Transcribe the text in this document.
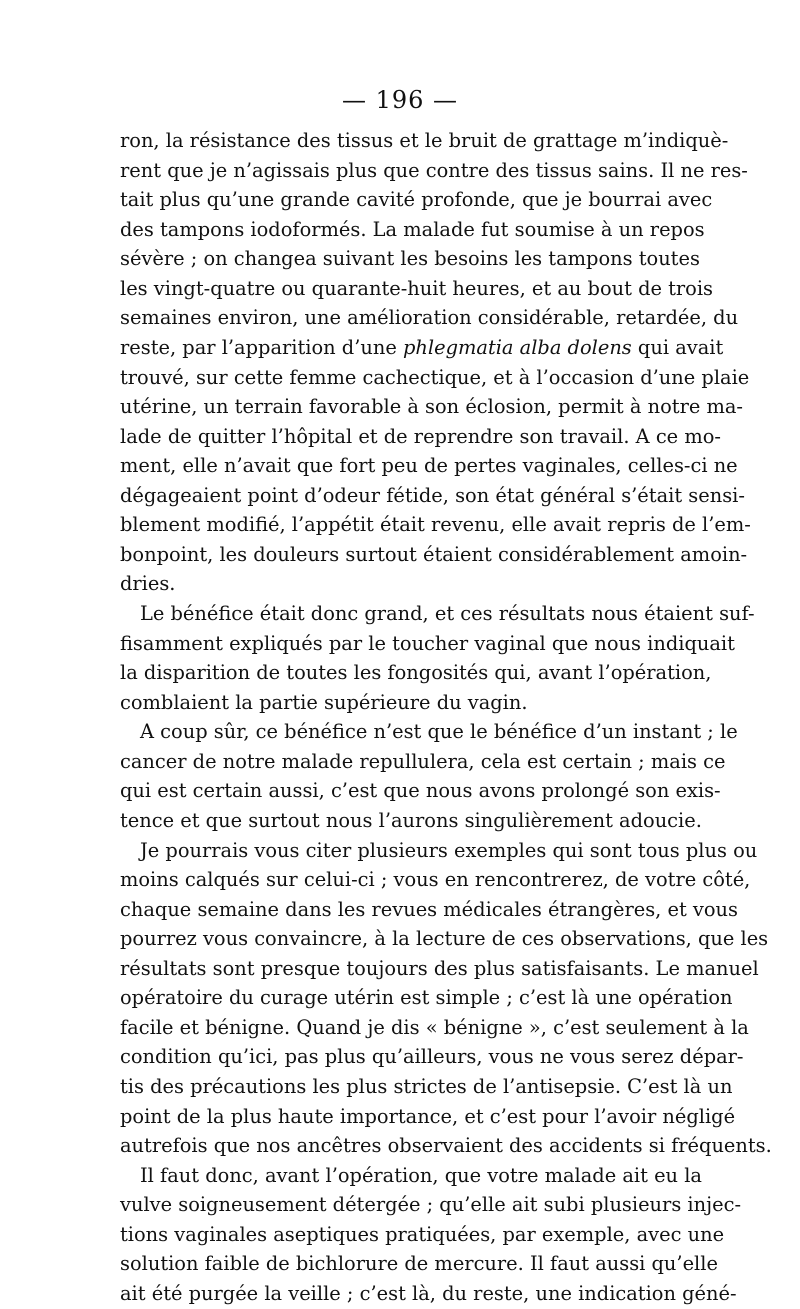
— 196 —
ron, la résistance des tissus et le bruit de grattage m’indiquè-
rent que je n’agissais plus que contre des tissus sains. Il ne res-
tait plus qu’une grande cavité profonde, que je bourrai avec
des tampons iodoformés. La malade fut soumise à un repos
sévère ; on changea suivant les besoins les tampons toutes
les vingt-quatre ou quarante-huit heures, et au bout de trois
semaines environ, une amélioration considérable, retardée, du
reste, par l’apparition d’une phlegmatia alba dolens qui avait
trouvé, sur cette femme cachectique, et à l’occasion d’une plaie
utérine, un terrain favorable à son éclosion, permit à notre ma-
lade de quitter l’hôpital et de reprendre son travail. A ce mo-
ment, elle n’avait que fort peu de pertes vaginales, celles-ci ne
dégageaient point d’odeur fétide, son état général s’était sensi-
blement modifié, l’appétit était revenu, elle avait repris de l’em-
bonpoint, les douleurs surtout étaient considérablement amoin-
dries.
Le bénéfice était donc grand, et ces résultats nous étaient suf-
fisamment expliqués par le toucher vaginal que nous indiquait
la disparition de toutes les fongosités qui, avant l’opération,
comblaient la partie supérieure du vagin.
A coup sûr, ce bénéfice n’est que le bénéfice d’un instant ; le
cancer de notre malade repullulera, cela est certain ; mais ce
qui est certain aussi, c’est que nous avons prolongé son exis-
tence et que surtout nous l’aurons singulièrement adoucie.
Je pourrais vous citer plusieurs exemples qui sont tous plus ou
moins calqués sur celui-ci ; vous en rencontrerez, de votre côté,
chaque semaine dans les revues médicales étrangères, et vous
pourrez vous convaincre, à la lecture de ces observations, que les
résultats sont presque toujours des plus satisfaisants. Le manuel
opératoire du curage utérin est simple ; c’est là une opération
facile et bénigne. Quand je dis « bénigne », c’est seulement à la
condition qu’ici, pas plus qu’ailleurs, vous ne vous serez dépar-
tis des précautions les plus strictes de l’antisepsie. C’est là un
point de la plus haute importance, et c’est pour l’avoir négligé
autrefois que nos ancêtres observaient des accidents si fréquents.
Il faut donc, avant l’opération, que votre malade ait eu la
vulve soigneusement détergée ; qu’elle ait subi plusieurs injec-
tions vaginales aseptiques pratiquées, par exemple, avec une
solution faible de bichlorure de mercure. Il faut aussi qu’elle
ait été purgée la veille ; c’est là, du reste, une indication géné-
